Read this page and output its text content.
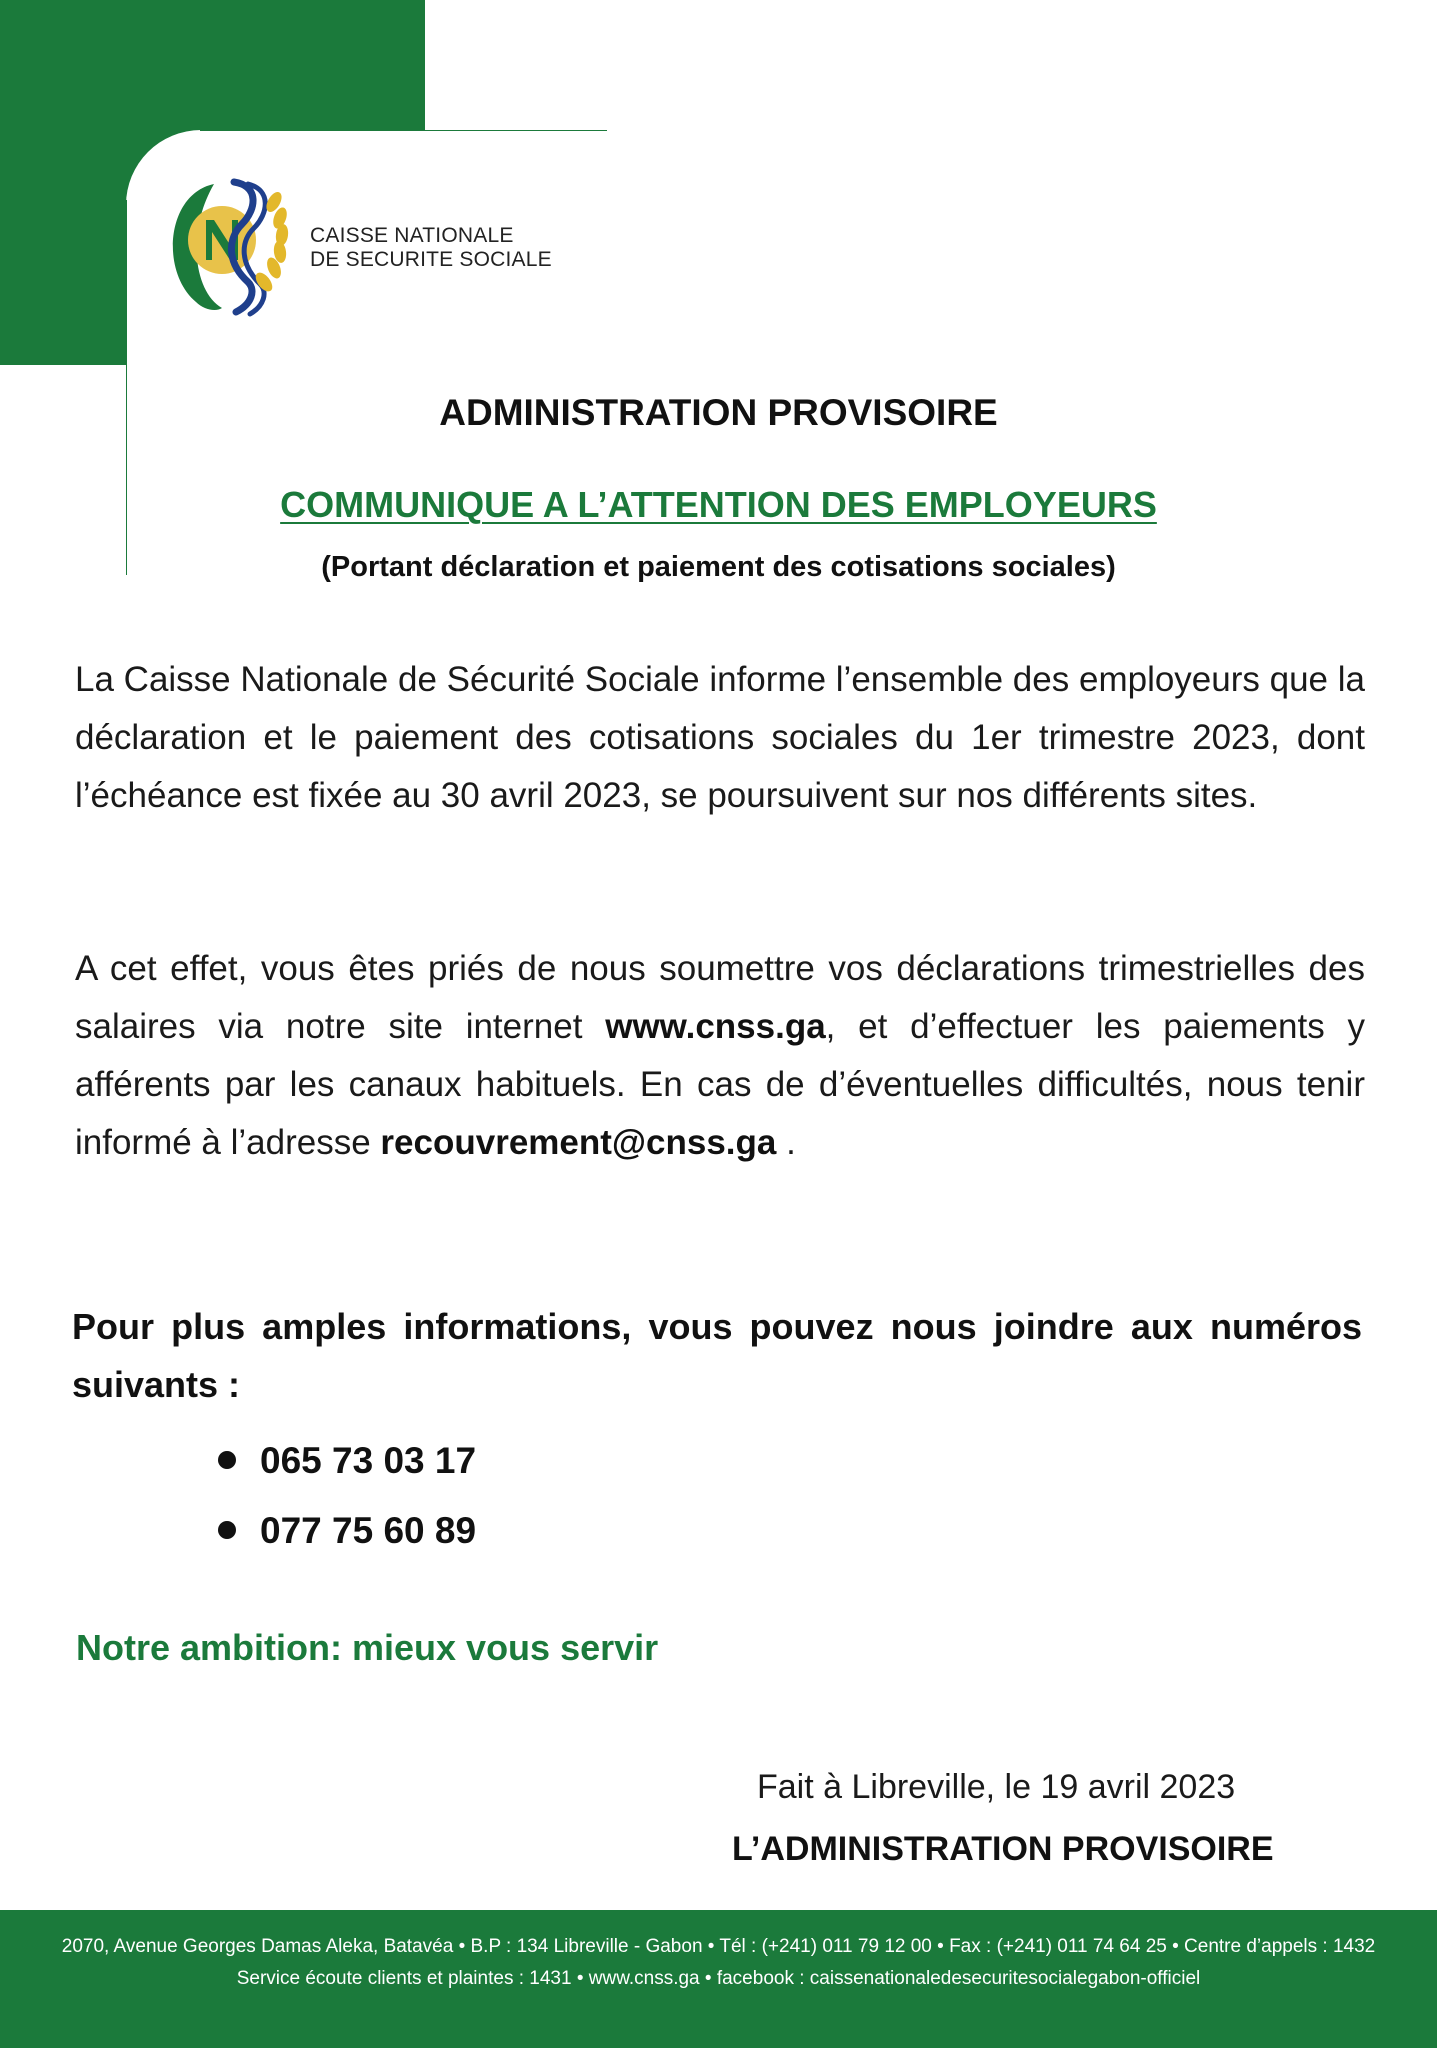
CAISSE NATIONALE
DE SECURITE SOCIALE
ADMINISTRATION PROVISOIRE
COMMUNIQUE A L’ATTENTION DES EMPLOYEURS
(Portant déclaration et paiement des cotisations sociales)
La Caisse Nationale de Sécurité Sociale informe l’ensemble des employeurs que la déclaration et le paiement des cotisations sociales du 1er trimestre 2023, dont l’échéance est fixée au 30 avril 2023, se poursuivent sur nos différents sites.
A cet effet, vous êtes priés de nous soumettre vos déclarations trimestrielles des salaires via notre site internet www.cnss.ga, et d’effectuer les paiements y afférents par les canaux habituels. En cas de d’éventuelles difficultés, nous tenir informé à l’adresse recouvrement@cnss.ga .
Pour plus amples informations, vous pouvez nous joindre aux numéros suivants :
065 73 03 17
077 75 60 89
Notre ambition: mieux vous servir
Fait à Libreville, le 19 avril 2023
L’ADMINISTRATION PROVISOIRE
2070, Avenue Georges Damas Aleka, Batavéa • B.P : 134 Libreville - Gabon • Tél : (+241) 011 79 12 00 • Fax : (+241) 011 74 64 25 • Centre d’appels : 1432
Service écoute clients et plaintes : 1431 • www.cnss.ga • facebook : caissenationaledesecuritesocialegabon-officiel
